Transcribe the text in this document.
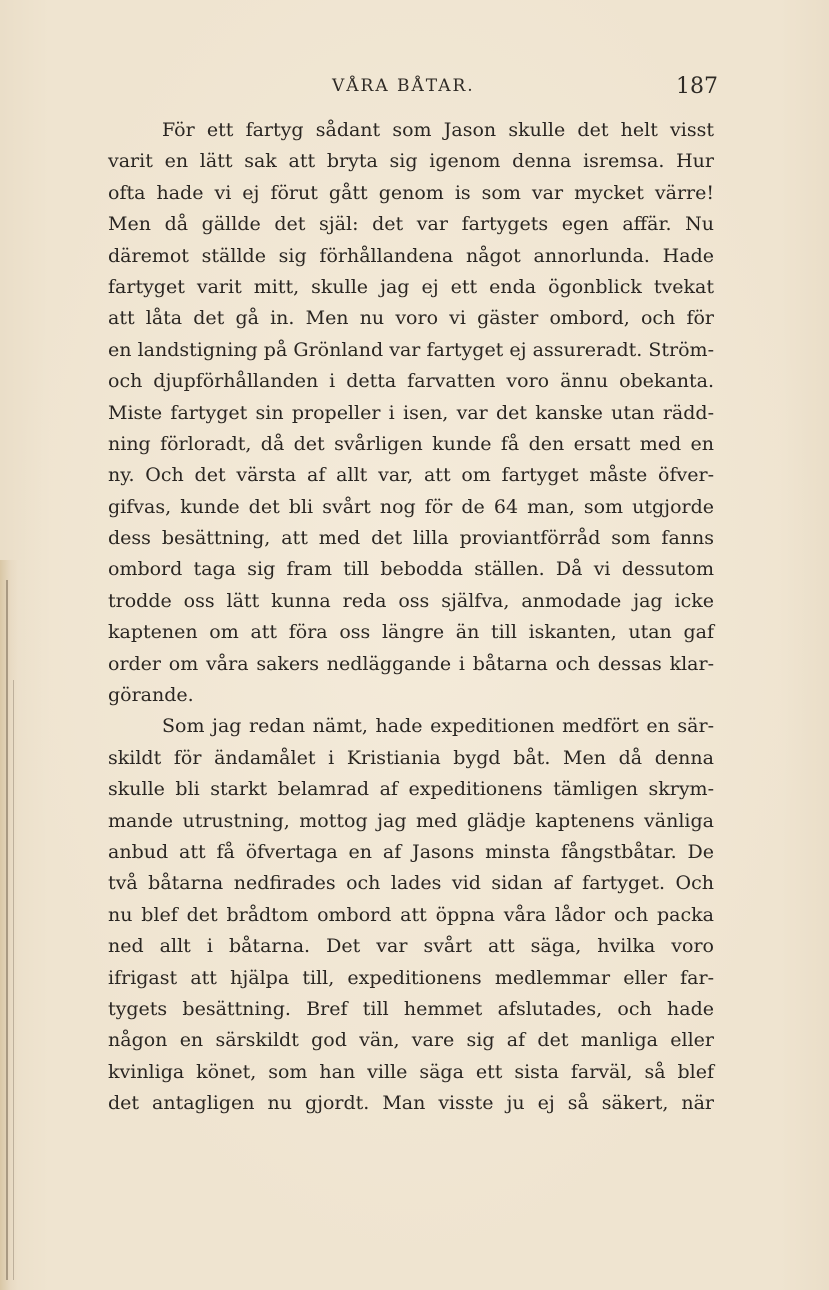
VÅRA BÅTAR.	187
För ett fartyg sådant som Jason skulle det helt visst
varit en lätt sak att bryta sig igenom denna isremsa. Hur
ofta hade vi ej förut gått genom is som var mycket värre!
Men då gällde det själ: det var fartygets egen affär. Nu
däremot ställde sig förhållandena något annorlunda. Hade
fartyget varit mitt, skulle jag ej ett enda ögonblick tvekat
att låta det gå in. Men nu voro vi gäster ombord, och för
en landstigning på Grönland var fartyget ej assureradt. Ström-
och djupförhållanden i detta farvatten voro ännu obekanta.
Miste fartyget sin propeller i isen, var det kanske utan rädd-
ning förloradt, då det svårligen kunde få den ersatt med en
ny. Och det värsta af allt var, att om fartyget måste öfver-
gifvas, kunde det bli svårt nog för de 64 man, som utgjorde
dess besättning, att med det lilla proviantförråd som fanns
ombord taga sig fram till bebodda ställen. Då vi dessutom
trodde oss lätt kunna reda oss själfva, anmodade jag icke
kaptenen om att föra oss längre än till iskanten, utan gaf
order om våra sakers nedläggande i båtarna och dessas klar-
görande.
Som jag redan nämt, hade expeditionen medfört en sär-
skildt för ändamålet i Kristiania bygd båt. Men då denna
skulle bli starkt belamrad af expeditionens tämligen skrym-
mande utrustning, mottog jag med glädje kaptenens vänliga
anbud att få öfvertaga en af Jasons minsta fångstbåtar. De
två båtarna nedfirades och lades vid sidan af fartyget. Och
nu blef det brådtom ombord att öppna våra lådor och packa
ned allt i båtarna. Det var svårt att säga, hvilka voro
ifrigast att hjälpa till, expeditionens medlemmar eller far-
tygets besättning. Bref till hemmet afslutades, och hade
någon en särskildt god vän, vare sig af det manliga eller
kvinliga könet, som han ville säga ett sista farväl, så blef
det antagligen nu gjordt. Man visste ju ej så säkert, när
